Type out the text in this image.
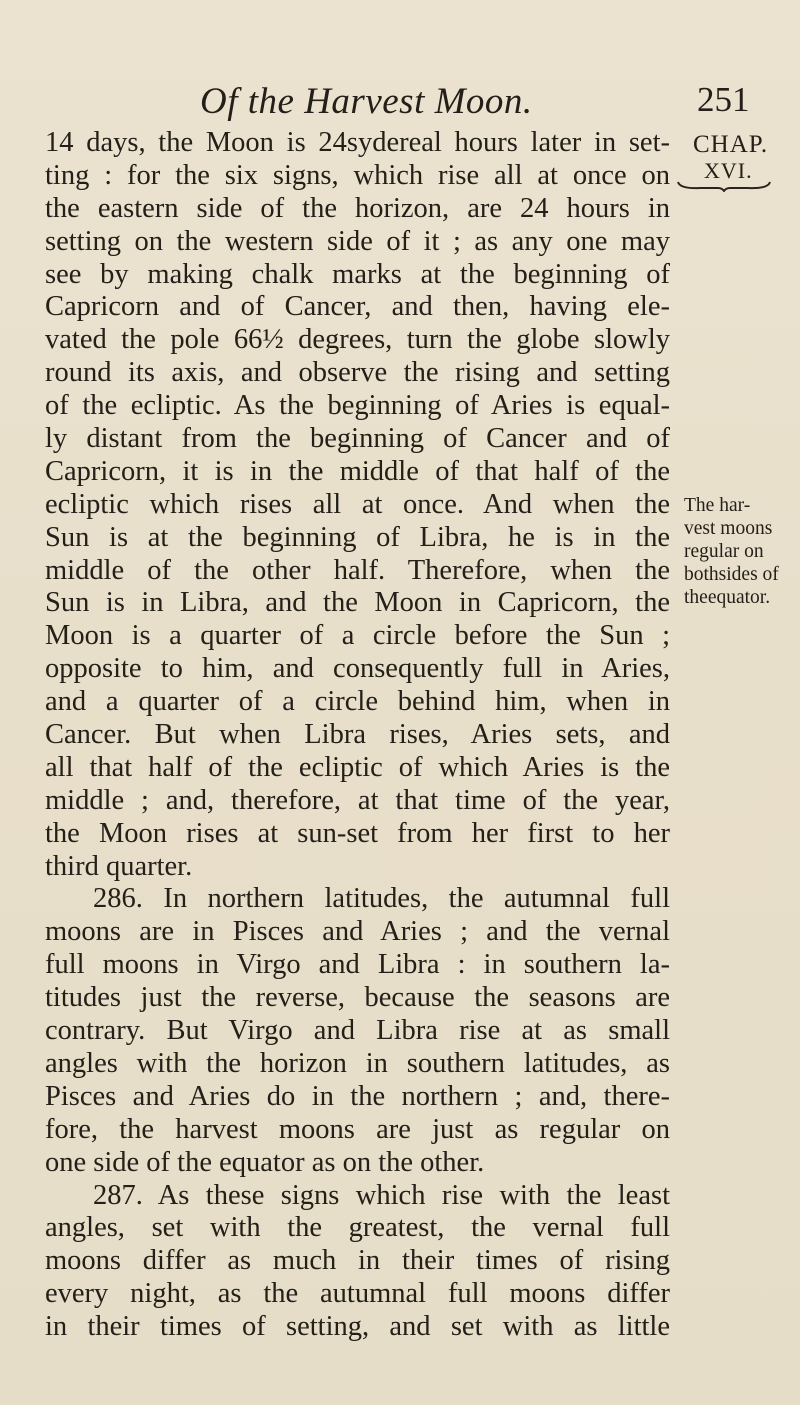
Of the Harvest Moon.	251
CHAP.
XVI.
The har-
vest moons
regular on
bothsides of
theequator.
14 days, the Moon is 24sydereal hours later in set-
ting : for the six signs, which rise all at once on
the eastern side of the horizon, are 24 hours in
setting on the western side of it ; as any one may
see by making chalk marks at the beginning of
Capricorn and of Cancer, and then, having ele-
vated the pole 66½ degrees, turn the globe slowly
round its axis, and observe the rising and setting
of the ecliptic. As the beginning of Aries is equal-
ly distant from the beginning of Cancer and of
Capricorn, it is in the middle of that half of the
ecliptic which rises all at once. And when the
Sun is at the beginning of Libra, he is in the
middle of the other half. Therefore, when the
Sun is in Libra, and the Moon in Capricorn, the
Moon is a quarter of a circle before the Sun ;
opposite to him, and consequently full in Aries,
and a quarter of a circle behind him, when in
Cancer. But when Libra rises, Aries sets, and
all that half of the ecliptic of which Aries is the
middle ; and, therefore, at that time of the year,
the Moon rises at sun-set from her first to her
third quarter.
286. In northern latitudes, the autumnal full
moons are in Pisces and Aries ; and the vernal
full moons in Virgo and Libra : in southern la-
titudes just the reverse, because the seasons are
contrary. But Virgo and Libra rise at as small
angles with the horizon in southern latitudes, as
Pisces and Aries do in the northern ; and, there-
fore, the harvest moons are just as regular on
one side of the equator as on the other.
287. As these signs which rise with the least
angles, set with the greatest, the vernal full
moons differ as much in their times of rising
every night, as the autumnal full moons differ
in their times of setting, and set with as little
